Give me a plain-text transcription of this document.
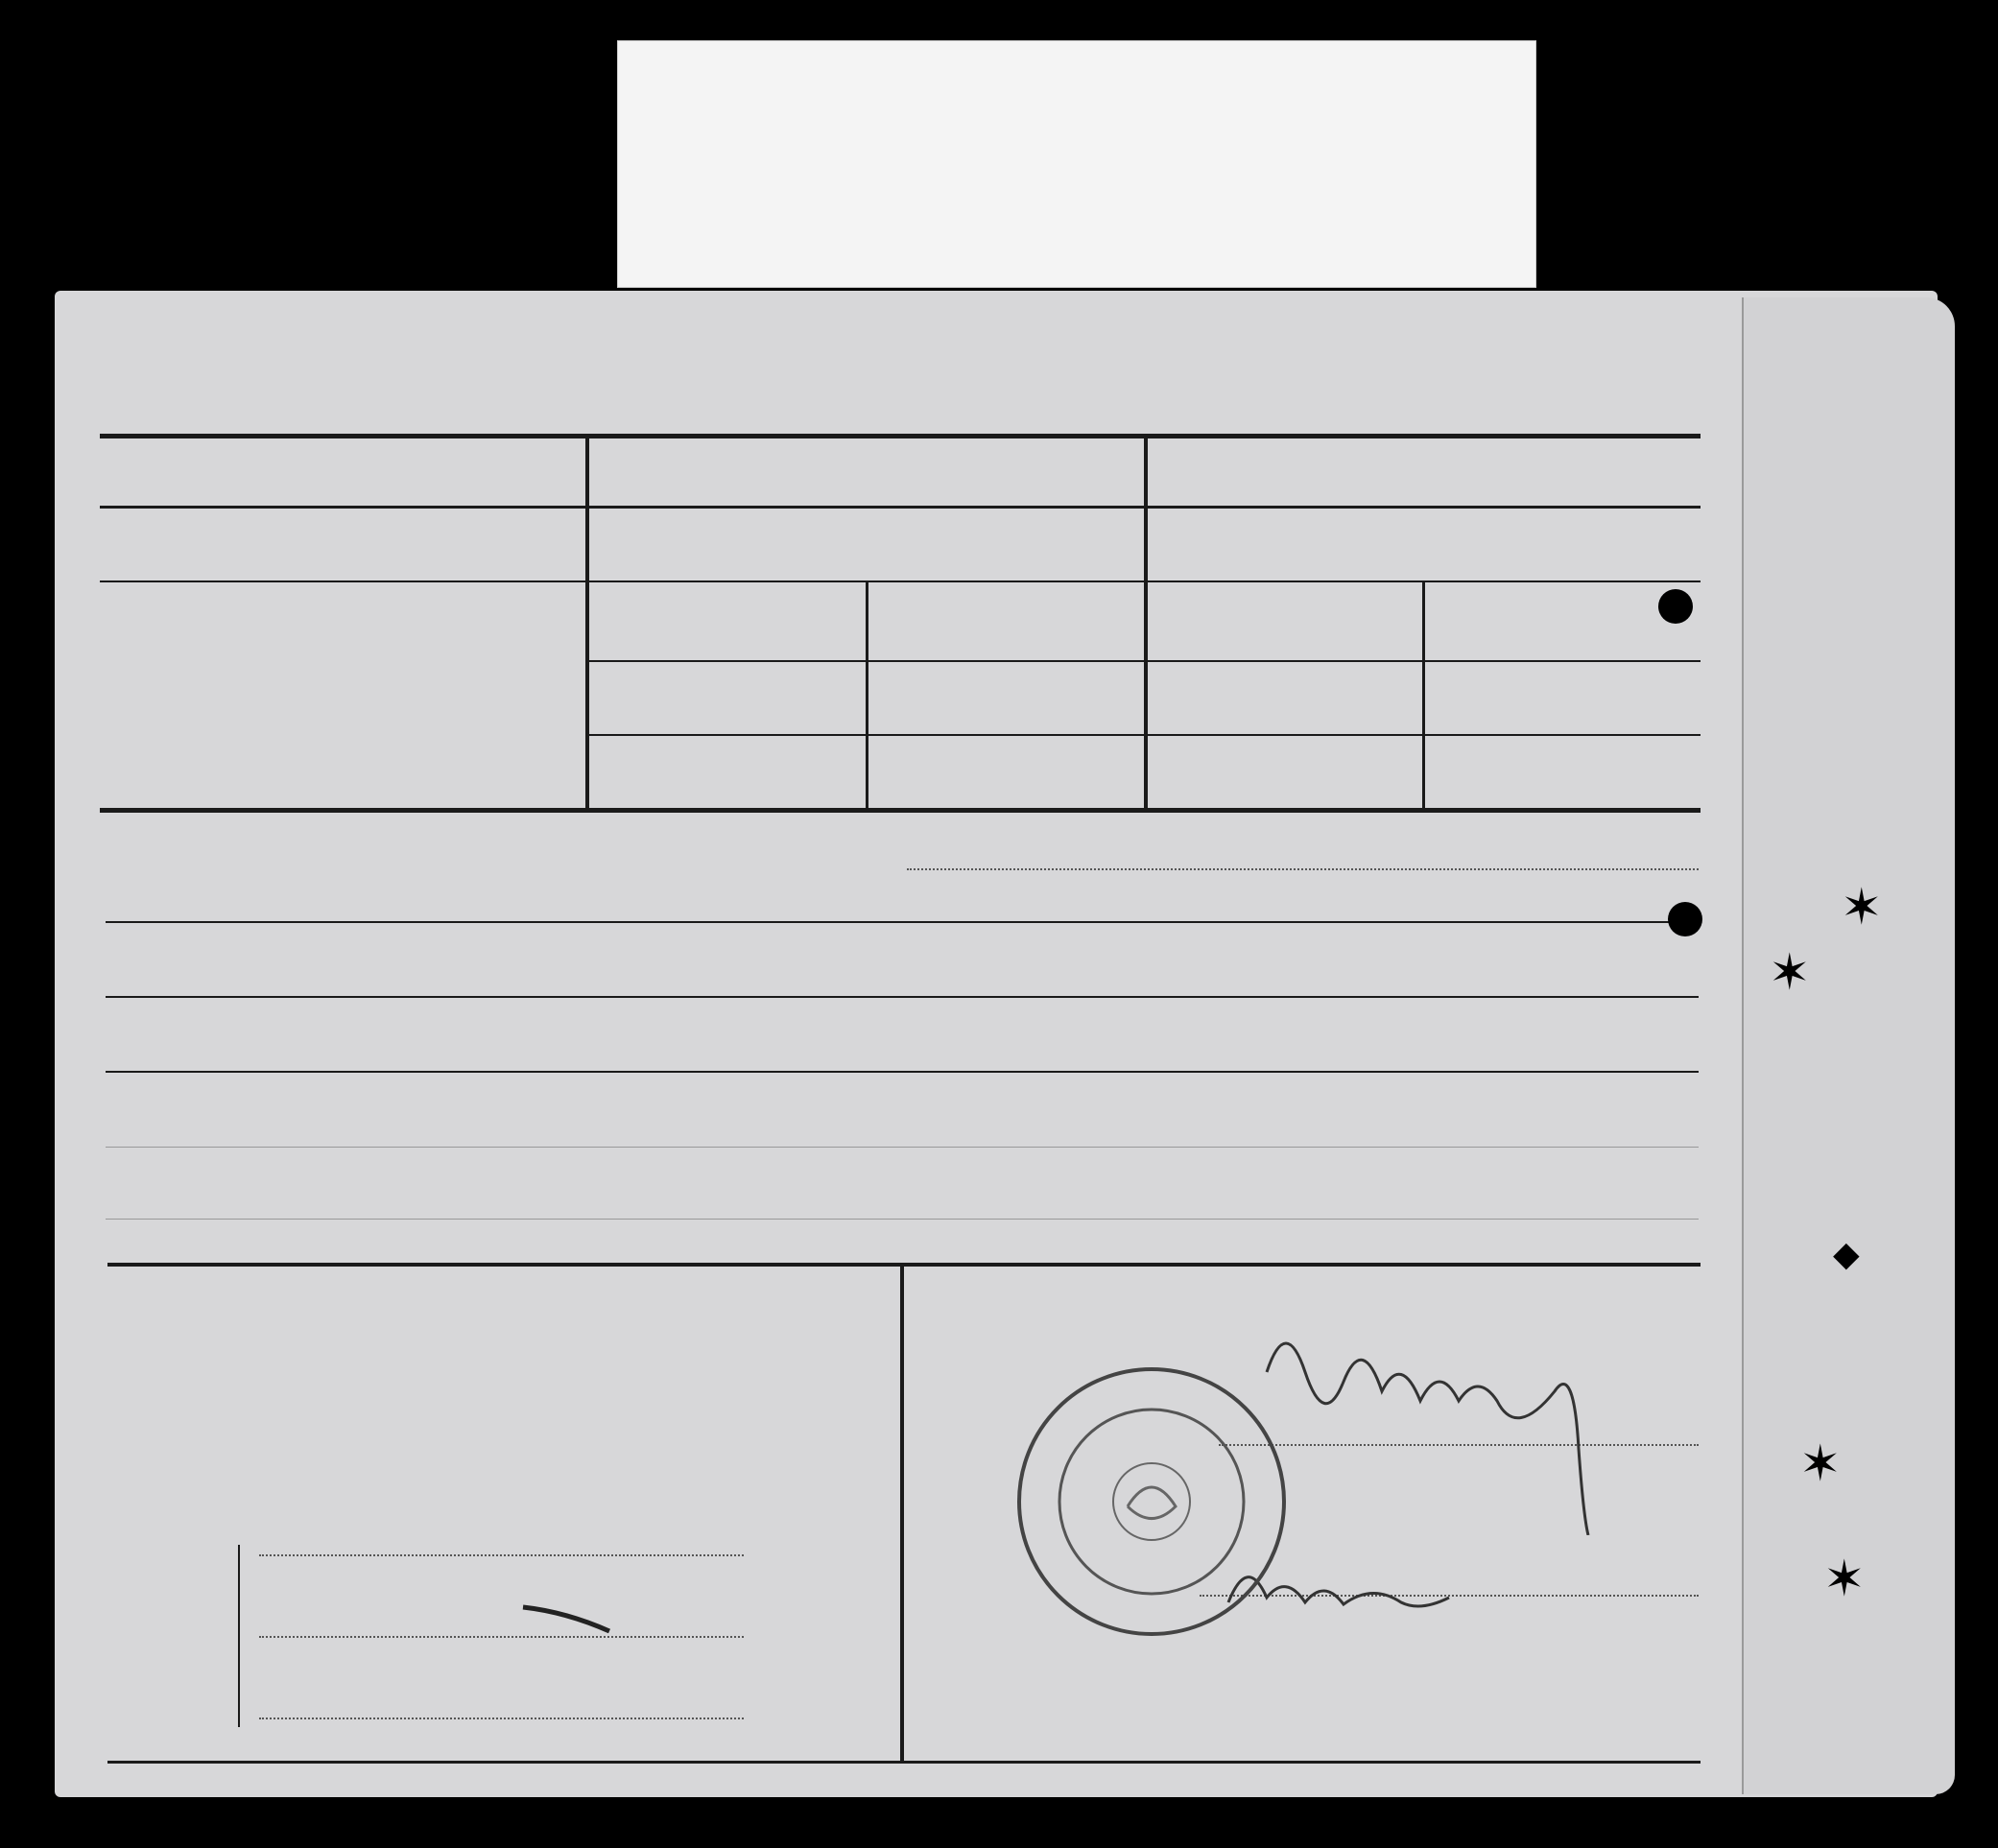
✶
✶
✶
✶
◆
